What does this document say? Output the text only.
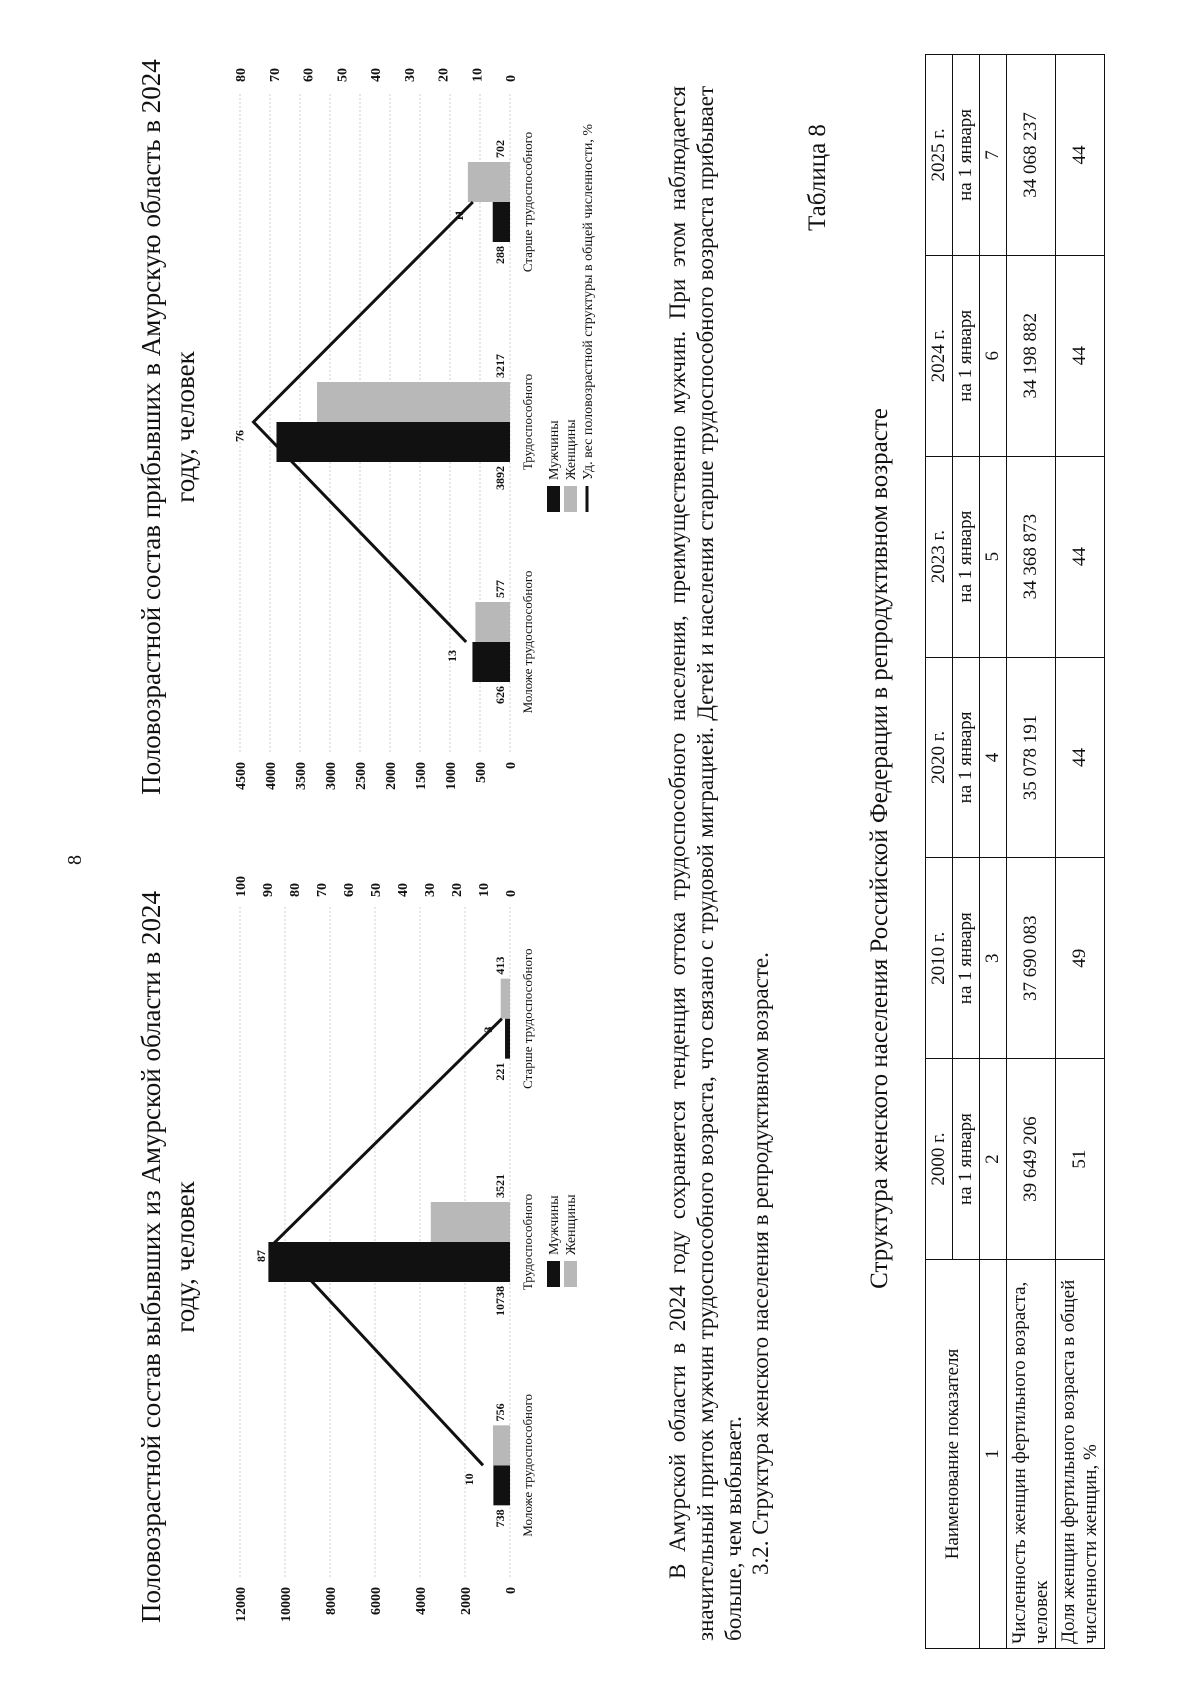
8
Половозрастной состав выбывших из Амурской области в 2024 году, человек
Половозрастной состав прибывших в Амурскую область в 2024 году, человек
0
2000
4000
6000
8000
10000
12000
0
10
20
30
40
50
60
70
80
90
100
738
756 Моложе трудоспособного
10738
3521
Трудоспособного
221
413 Старше трудоспособного
10
87
3
Мужчины Женщины
0
500
1000
1500
2000
2500
3000
3500
4000
4500
0
10
20
30
40
50
60
70
80
626
577 Моложе трудоспособного
3892
3217
Трудоспособного
288
702 Старше трудоспособного
13
76
11
Мужчины Женщины Уд. вес половозрастной структуры в общей численности, %	В Амурской области в 2024 году сохраняется тенденция оттока трудоспособного населения, преимущественно мужчин. При этом наблюдается значительный приток мужчин трудоспособного возраста, что связано с трудовой миграцией. Детей и населения старше трудоспособного возраста прибывает больше, чем выбывает. 3.2. Структура женского населения в репродуктивном возрасте.
Таблица 8
Структура женского населения Российской Федерации в репродуктивном возрасте
Наименование показателя	2000 г.	2010 г.	2020 г.	2023 г.	2024 г.	2025 г.
	на 1 января	на 1 января	на 1 января	на 1 января	на 1 января	на 1 января
1	2	3	4	5	6	7
Численность женщин фертильного возраста, человек	39 649 206	37 690 083	35 078 191	34 368 873	34 198 882	34 068 237
Доля женщин фертильного возраста в общей численности женщин, %	51	49	44	44	44	44
